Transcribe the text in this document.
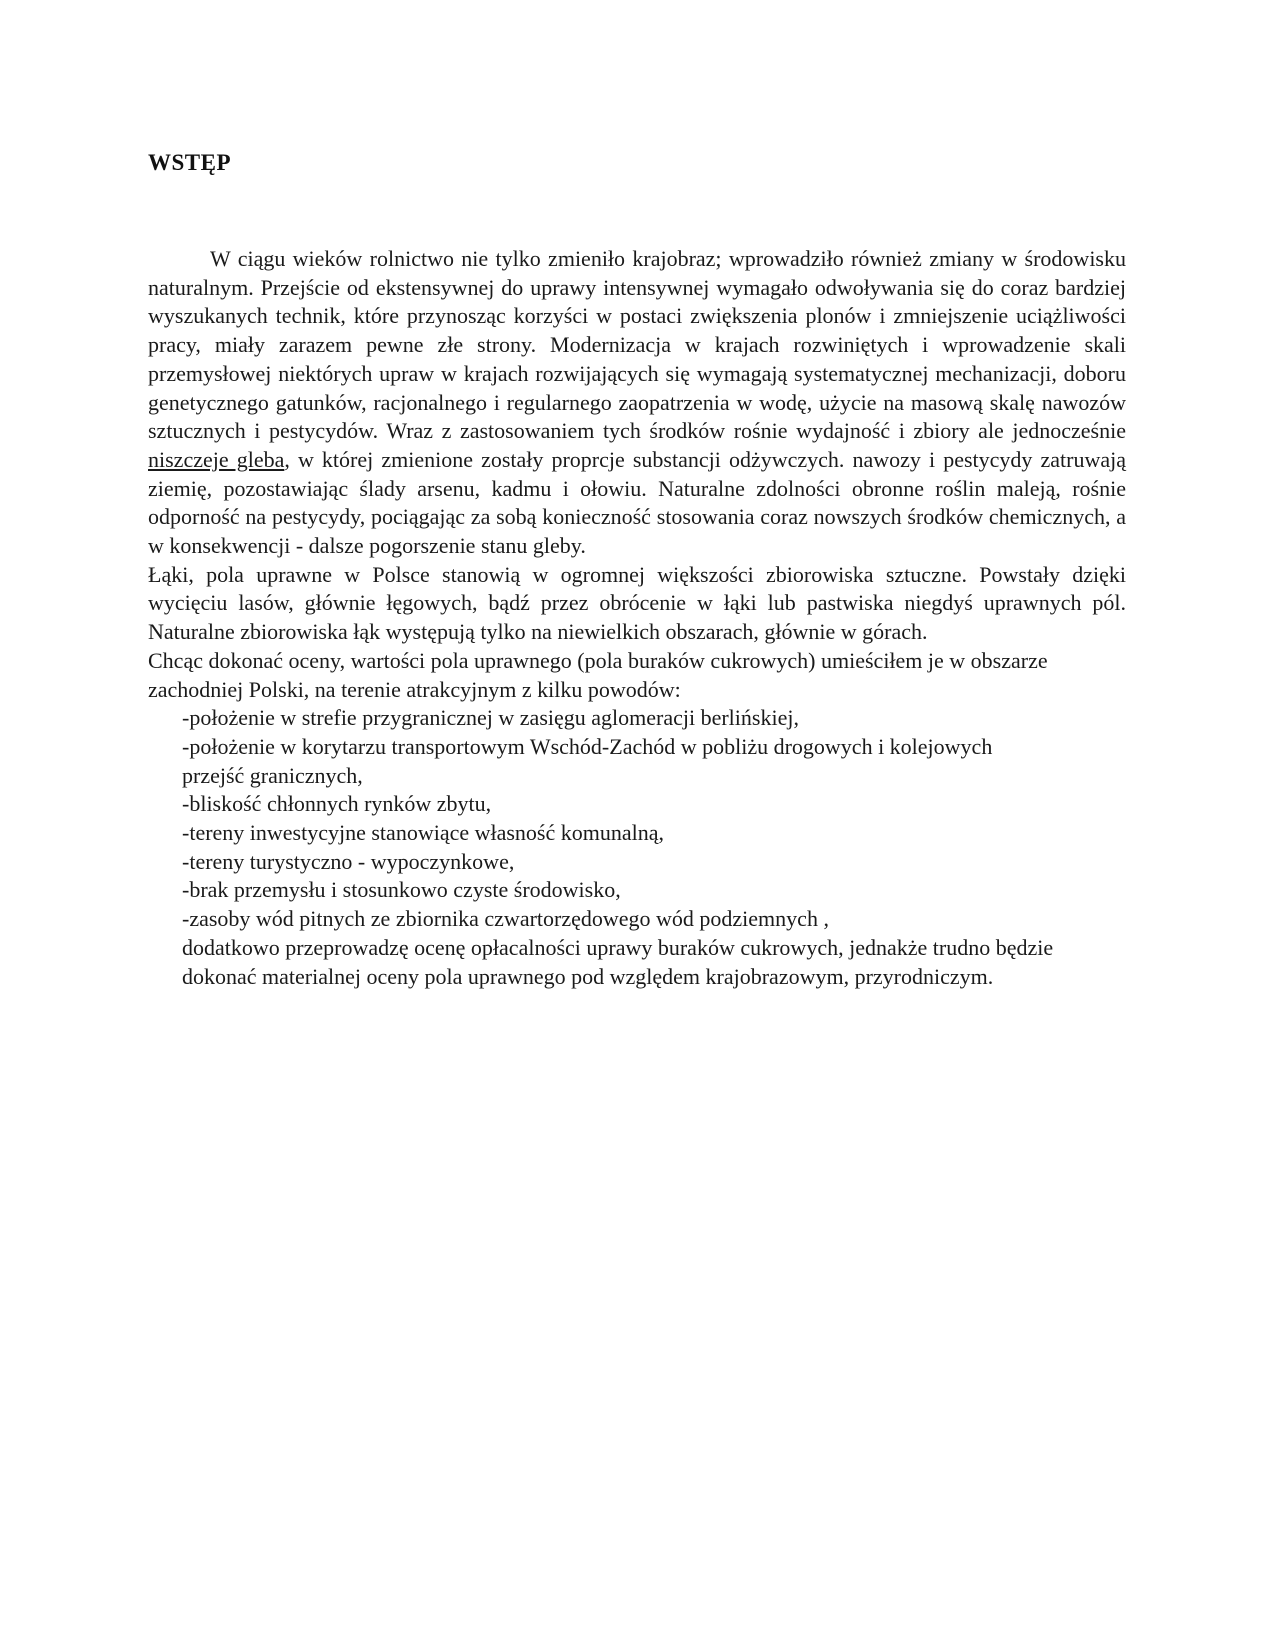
WSTĘP

W ciągu wieków rolnictwo nie tylko zmieniło krajobraz; wprowadziło również zmiany w środowisku naturalnym. Przejście od ekstensywnej do uprawy intensywnej wymagało odwoływania się do coraz bardziej wyszukanych technik, które przynosząc korzyści w postaci zwiększenia plonów i zmniejszenie uciążliwości pracy, miały zarazem pewne złe strony. Modernizacja w krajach rozwiniętych i wprowadzenie skali przemysłowej niektórych upraw w krajach rozwijających się wymagają systematycznej mechanizacji, doboru genetycznego gatunków, racjonalnego i regularnego zaopatrzenia w wodę, użycie na masową skalę nawozów sztucznych i pestycydów. Wraz z zastosowaniem tych środków rośnie wydajność i zbiory ale jednocześnie niszczeje gleba, w której zmienione zostały proprcje substancji odżywczych. nawozy i pestycydy zatruwają ziemię, pozostawiając ślady arsenu, kadmu i ołowiu. Naturalne zdolności obronne roślin maleją, rośnie odporność na pestycydy, pociągając za sobą konieczność stosowania coraz nowszych środków chemicznych, a w konsekwencji - dalsze pogorszenie stanu gleby.

Łąki, pola uprawne w Polsce stanowią w ogromnej większości zbiorowiska sztuczne. Powstały dzięki wycięciu lasów, głównie łęgowych, bądź przez obrócenie w łąki lub pastwiska niegdyś uprawnych pól. Naturalne zbiorowiska łąk występują tylko na niewielkich obszarach, głównie w górach.

Chcąc dokonać oceny, wartości pola uprawnego (pola buraków cukrowych) umieściłem je w obszarze zachodniej Polski, na terenie atrakcyjnym z kilku powodów:

-położenie w strefie przygranicznej w zasięgu aglomeracji berlińskiej,
-położenie w korytarzu transportowym Wschód-Zachód w pobliżu drogowych i kolejowych przejść granicznych,
-bliskość chłonnych rynków zbytu,
-tereny inwestycyjne stanowiące własność komunalną,
-tereny turystyczno - wypoczynkowe,
-brak przemysłu i stosunkowo czyste środowisko,
-zasoby wód pitnych ze zbiornika czwartorzędowego wód podziemnych ,

dodatkowo przeprowadzę ocenę opłacalności uprawy buraków cukrowych, jednakże trudno będzie dokonać materialnej oceny pola uprawnego pod względem krajobrazowym, przyrodniczym.
